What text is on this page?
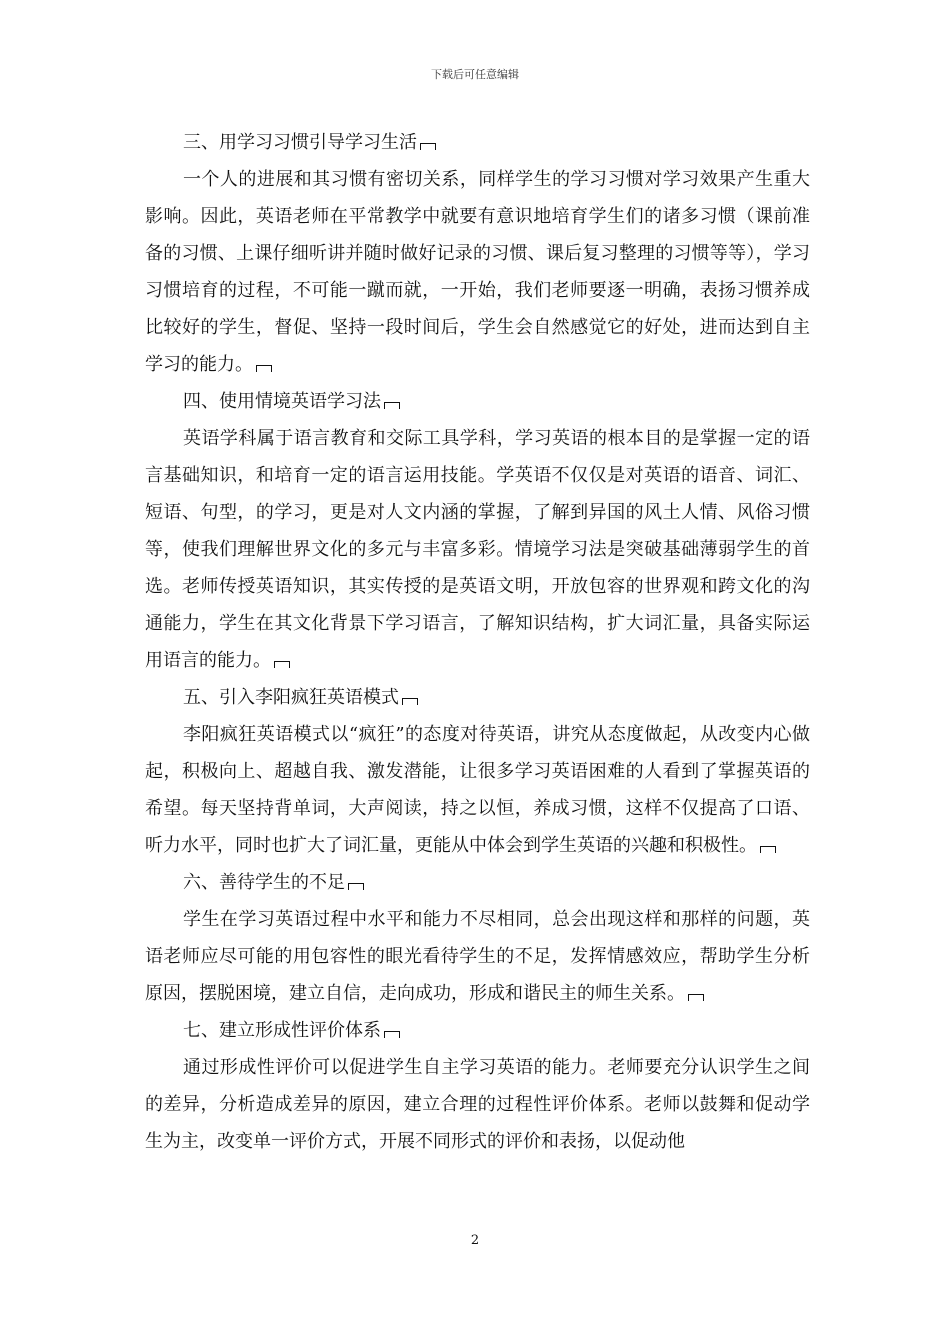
下载后可任意编辑

三、用学习习惯引导学习生活

一个人的进展和其习惯有密切关系，同样学生的学习习惯对学习效果产生重大影响。因此，英语老师在平常教学中就要有意识地培育学生们的诸多习惯（课前准备的习惯、上课仔细听讲并随时做好记录的习惯、课后复习整理的习惯等等），学习习惯培育的过程，不可能一蹴而就，一开始，我们老师要逐一明确，表扬习惯养成比较好的学生，督促、坚持一段时间后，学生会自然感觉它的好处，进而达到自主学习的能力。

四、使用情境英语学习法

英语学科属于语言教育和交际工具学科，学习英语的根本目的是掌握一定的语言基础知识，和培育一定的语言运用技能。学英语不仅仅是对英语的语音、词汇、短语、句型，的学习，更是对人文内涵的掌握，了解到异国的风土人情、风俗习惯等，使我们理解世界文化的多元与丰富多彩。情境学习法是突破基础薄弱学生的首选。老师传授英语知识，其实传授的是英语文明，开放包容的世界观和跨文化的沟通能力，学生在其文化背景下学习语言，了解知识结构，扩大词汇量，具备实际运用语言的能力。

五、引入李阳疯狂英语模式

李阳疯狂英语模式以“疯狂”的态度对待英语，讲究从态度做起，从改变内心做起，积极向上、超越自我、激发潜能，让很多学习英语困难的人看到了掌握英语的希望。每天坚持背单词，大声阅读，持之以恒，养成习惯，这样不仅提高了口语、听力水平，同时也扩大了词汇量，更能从中体会到学生英语的兴趣和积极性。

六、善待学生的不足

学生在学习英语过程中水平和能力不尽相同，总会出现这样和那样的问题，英语老师应尽可能的用包容性的眼光看待学生的不足，发挥情感效应，帮助学生分析原因，摆脱困境，建立自信，走向成功，形成和谐民主的师生关系。

七、建立形成性评价体系

通过形成性评价可以促进学生自主学习英语的能力。老师要充分认识学生之间的差异，分析造成差异的原因，建立合理的过程性评价体系。老师以鼓舞和促动学生为主，改变单一评价方式，开展不同形式的评价和表扬，以促动他

2
